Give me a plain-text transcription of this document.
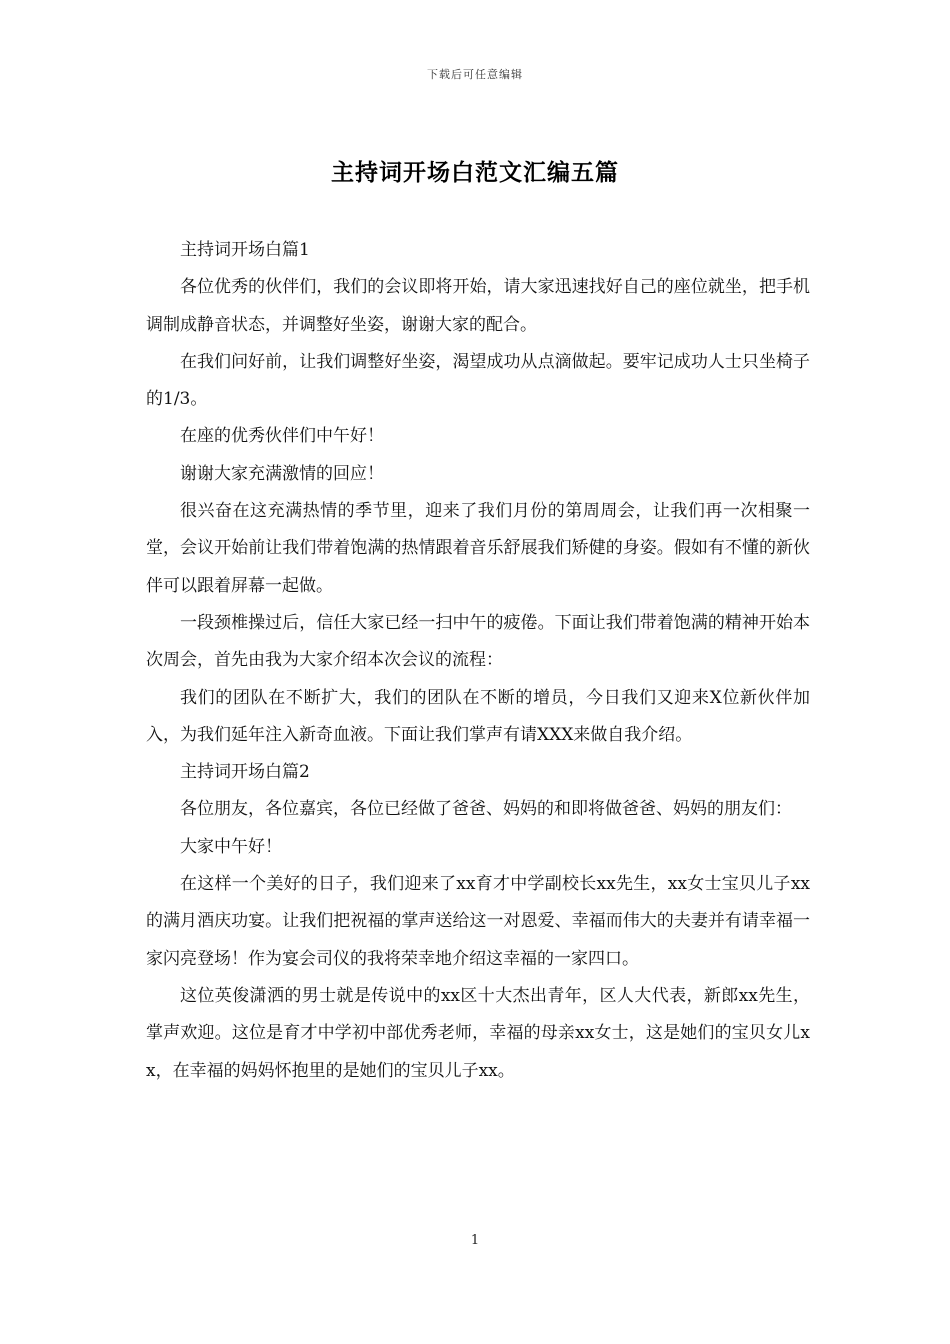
下载后可任意编辑
主持词开场白范文汇编五篇

主持词开场白篇1

各位优秀的伙伴们，我们的会议即将开始，请大家迅速找好自己的座位就坐，把手机调制成静音状态，并调整好坐姿，谢谢大家的配合。

在我们问好前，让我们调整好坐姿，渴望成功从点滴做起。要牢记成功人士只坐椅子的1/3。

在座的优秀伙伴们中午好！

谢谢大家充满激情的回应！

很兴奋在这充满热情的季节里，迎来了我们月份的第周周会，让我们再一次相聚一堂，会议开始前让我们带着饱满的热情跟着音乐舒展我们矫健的身姿。假如有不懂的新伙伴可以跟着屏幕一起做。

一段颈椎操过后，信任大家已经一扫中午的疲倦。下面让我们带着饱满的精神开始本次周会，首先由我为大家介绍本次会议的流程：

我们的团队在不断扩大，我们的团队在不断的增员，今日我们又迎来X位新伙伴加入，为我们延年注入新奇血液。下面让我们掌声有请XXX来做自我介绍。

主持词开场白篇2

各位朋友，各位嘉宾，各位已经做了爸爸、妈妈的和即将做爸爸、妈妈的朋友们：

大家中午好！

在这样一个美好的日子，我们迎来了xx育才中学副校长xx先生，xx女士宝贝儿子xx的满月酒庆功宴。让我们把祝福的掌声送给这一对恩爱、幸福而伟大的夫妻并有请幸福一家闪亮登场！作为宴会司仪的我将荣幸地介绍这幸福的一家四口。

这位英俊潇洒的男士就是传说中的xx区十大杰出青年，区人大代表，新郎xx先生，掌声欢迎。这位是育才中学初中部优秀老师，幸福的母亲xx女士，这是她们的宝贝女儿xx，在幸福的妈妈怀抱里的是她们的宝贝儿子xx。

1
